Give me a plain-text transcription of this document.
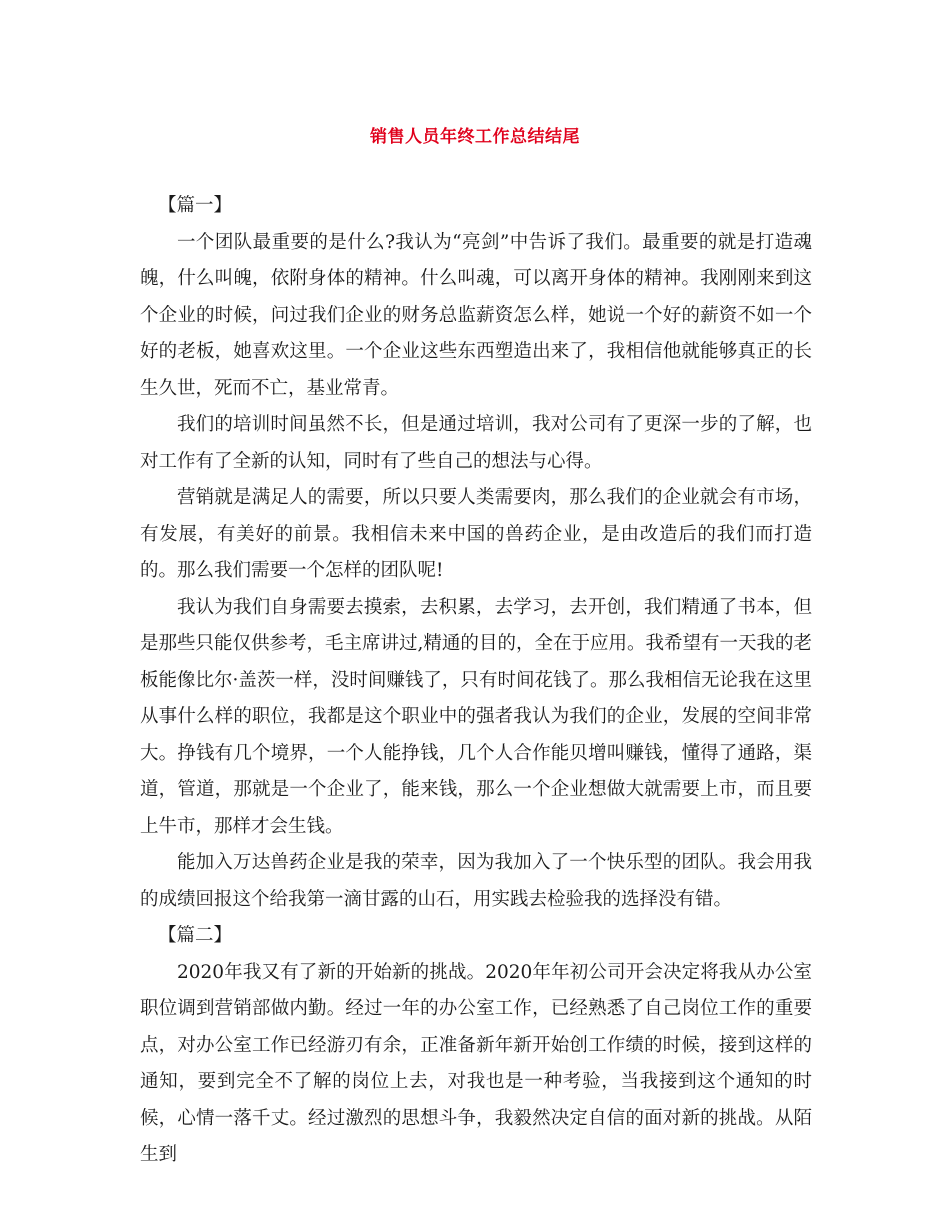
销售人员年终工作总结结尾

【篇一】

一个团队最重要的是什么?我认为“亮剑”中告诉了我们。最重要的就是打造魂魄，什么叫魄，依附身体的精神。什么叫魂，可以离开身体的精神。我刚刚来到这个企业的时候，问过我们企业的财务总监薪资怎么样，她说一个好的薪资不如一个好的老板，她喜欢这里。一个企业这些东西塑造出来了，我相信他就能够真正的长生久世，死而不亡，基业常青。

我们的培训时间虽然不长，但是通过培训，我对公司有了更深一步的了解，也对工作有了全新的认知，同时有了些自己的想法与心得。

营销就是满足人的需要，所以只要人类需要肉，那么我们的企业就会有市场，有发展，有美好的前景。我相信未来中国的兽药企业，是由改造后的我们而打造的。那么我们需要一个怎样的团队呢!

我认为我们自身需要去摸索，去积累，去学习，去开创，我们精通了书本，但是那些只能仅供参考，毛主席讲过,精通的目的，全在于应用。我希望有一天我的老板能像比尔·盖茨一样，没时间赚钱了，只有时间花钱了。那么我相信无论我在这里从事什么样的职位，我都是这个职业中的强者我认为我们的企业，发展的空间非常大。挣钱有几个境界，一个人能挣钱，几个人合作能贝增叫赚钱，懂得了通路，渠道，管道，那就是一个企业了，能来钱，那么一个企业想做大就需要上市，而且要上牛市，那样才会生钱。

能加入万达兽药企业是我的荣幸，因为我加入了一个快乐型的团队。我会用我的成绩回报这个给我第一滴甘露的山石，用实践去检验我的选择没有错。

【篇二】

2020年我又有了新的开始新的挑战。2020年年初公司开会决定将我从办公室职位调到营销部做内勤。经过一年的办公室工作，已经熟悉了自己岗位工作的重要点，对办公室工作已经游刃有余，正准备新年新开始创工作绩的时候，接到这样的通知，要到完全不了解的岗位上去，对我也是一种考验，当我接到这个通知的时候，心情一落千丈。经过激烈的思想斗争，我毅然决定自信的面对新的挑战。从陌生到
